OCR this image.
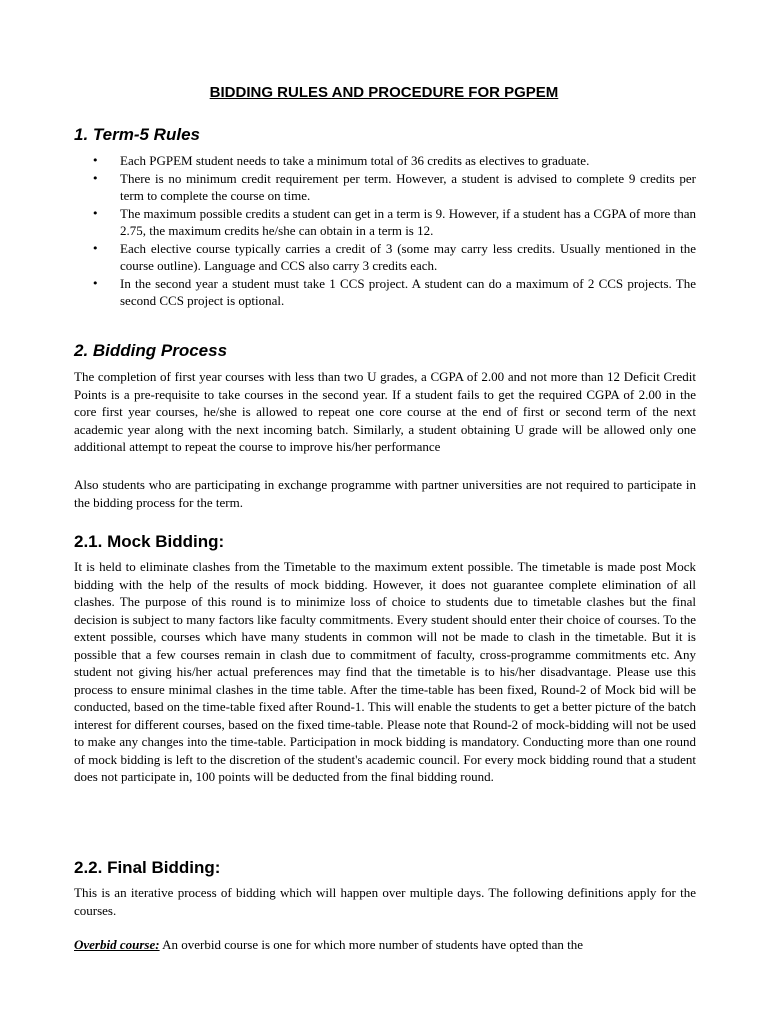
BIDDING RULES AND PROCEDURE FOR PGPEM
1. Term-5 Rules
• Each PGPEM student needs to take a minimum total of 36 credits as electives to graduate.
• There is no minimum credit requirement per term. However, a student is advised to complete 9 credits per term to complete the course on time.
• The maximum possible credits a student can get in a term is 9. However, if a student has a CGPA of more than 2.75, the maximum credits he/she can obtain in a term is 12.
• Each elective course typically carries a credit of 3 (some may carry less credits. Usually mentioned in the course outline). Language and CCS also carry 3 credits each.
• In the second year a student must take 1 CCS project. A student can do a maximum of 2 CCS projects. The second CCS project is optional.
2. Bidding Process

The completion of first year courses with less than two U grades, a CGPA of 2.00 and not more than 12 Deficit Credit Points is a pre-requisite to take courses in the second year. If a student fails to get the required CGPA of 2.00 in the core first year courses, he/she is allowed to repeat one core course at the end of first or second term of the next academic year along with the next incoming batch. Similarly, a student obtaining U grade will be allowed only one additional attempt to repeat the course to improve his/her performance

Also students who are participating in exchange programme with partner universities are not required to participate in the bidding process for the term.

2.1. Mock Bidding:

It is held to eliminate clashes from the Timetable to the maximum extent possible. The timetable is made post Mock bidding with the help of the results of mock bidding. However, it does not guarantee complete elimination of all clashes. The purpose of this round is to minimize loss of choice to students due to timetable clashes but the final decision is subject to many factors like faculty commitments. Every student should enter their choice of courses. To the extent possible, courses which have many students in common will not be made to clash in the timetable. But it is possible that a few courses remain in clash due to commitment of faculty, cross-programme commitments etc. Any student not giving his/her actual preferences may find that the timetable is to his/her disadvantage. Please use this process to ensure minimal clashes in the time table. After the time-table has been fixed, Round-2 of Mock bid will be conducted, based on the time-table fixed after Round-1. This will enable the students to get a better picture of the batch interest for different courses, based on the fixed time-table. Please note that Round-2 of mock-bidding will not be used to make any changes into the time-table. Participation in mock bidding is mandatory. Conducting more than one round of mock bidding is left to the discretion of the student's academic council. For every mock bidding round that a student does not participate in, 100 points will be deducted from the final bidding round.

2.2. Final Bidding:

This is an iterative process of bidding which will happen over multiple days. The following definitions apply for the courses.

Overbid course: An overbid course is one for which more number of students have opted than the
